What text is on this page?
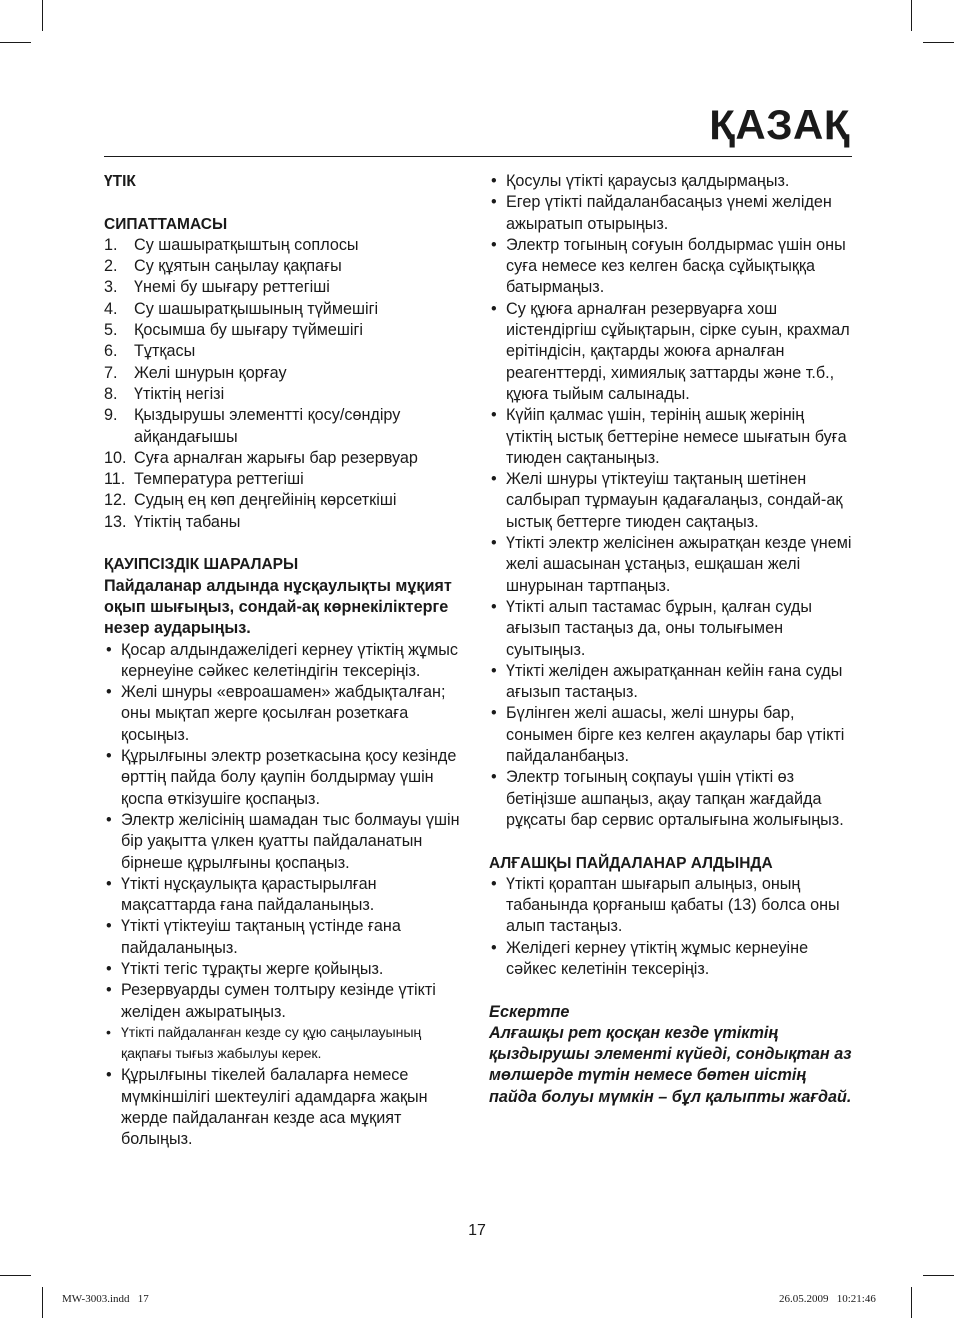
ҚАЗАҚ

ҮТІК

СИПАТТАМАСЫ

1. Су шашыратқыштың соплосы
2. Су құятын саңылау қақпағы
3. Үнемі бу шығару реттегіші
4. Су шашыратқышының түймешігі
5. Қосымша бу шығару түймешігі
6. Тұтқасы
7. Желі шнурын қорғау
8. Үтіктің негізі
9. Қыздырушы элементті қосу/сөндіру айқандағышы
10. Суға арналған жарығы бар резервуар
11. Температура реттегіші
12. Судың ең көп деңгейінің көрсеткіші
13. Үтіктің табаны

ҚАУІПСІЗДІК ШАРАЛАРЫ

Пайдаланар алдында нұсқаулықты мұқият оқып шығыңыз, сондай-ақ көрнекіліктерге незер аударыңыз.

• Қосар алдындажелідегі кернеу үтіктің жұмыс кернеуіне сәйкес келетіндігін тексеріңіз.
• Желі шнуры «евроашамен» жабдықталған; оны мықтап жерге қосылған розеткаға қосыңыз.
• Құрылғыны электр розеткасына қосу кезінде өрттің пайда болу қаупін болдырмау үшін қоспа өткізушіге қоспаңыз.
• Электр желісінің шамадан тыс болмауы үшін бір уақытта үлкен қуатты пайдаланатын бірнеше құрылғыны қоспаңыз.
• Үтікті нұсқаулықта қарастырылған мақсаттарда ғана пайдаланыңыз.
• Үтікті үтіктеуіш тақтаның үстінде ғана пайдаланыңыз.
• Үтікті тегіс тұрақты жерге қойыңыз.
• Резервуарды сумен толтыру кезінде үтікті желіден ажыратыңыз.
• Үтікті пайдаланған кезде су құю саңылауының қақпағы тығыз жабылуы керек.
• Құрылғыны тікелей балаларға немесе мүмкіншілігі шектеулігі адамдарға жақын жерде пайдаланған кезде аса мұқият болыңыз.
• Қосулы үтікті қараусыз қалдырмаңыз.
• Егер үтікті пайдаланбасаңыз үнемі желіден ажыратып отырыңыз.
• Электр тогының соғуын болдырмас үшін оны суға немесе кез келген басқа сұйықтыққа батырмаңыз.
• Су құюға арналған резервуарға хош иістендіргіш сұйықтарын, сірке суын, крахмал ерітіндісін, қақтарды жоюға арналған реагенттерді, химиялық заттарды және т.б., құюға тыйым салынады.
• Күйіп қалмас үшін, терінің ашық жерінің үтіктің ыстық беттеріне немесе шығатын буға тиюден сақтаныңыз.
• Желі шнуры үтіктеуіш тақтаның шетінен салбырап тұрмауын қадағалаңыз, сондай-ақ ыстық беттерге тиюден сақтаңыз.
• Үтікті электр желісінен ажыратқан кезде үнемі желі ашасынан ұстаңыз, ешқашан желі шнурынан тартпаңыз.
• Үтікті алып тастамас бұрын, қалған суды ағызып тастаңыз да, оны толығымен суытыңыз.
• Үтікті желіден ажыратқаннан кейін ғана суды ағызып тастаңыз.
• Бүлінген желі ашасы, желі шнуры бар, сонымен бірге кез келген ақаулары бар үтікті пайдаланбаңыз.
• Электр тогының соқпауы үшін үтікті өз бетіңізше ашпаңыз, ақау тапқан жағдайда рұқсаты бар сервис орталығына жолығыңыз.

АЛҒАШҚЫ ПАЙДАЛАНАР АЛДЫНДА

• Үтікті қораптан шығарып алыңыз, оның табанында қорғаныш қабаты (13) болса оны алып тастаңыз.
• Желідегі кернеу үтіктің жұмыс кернеуіне сәйкес келетінін тексеріңіз.

Ескертпе

Алғашқы рет қосқан кезде үтіктің қыздырушы элементі күйеді, сондықтан аз мөлшерде түтін немесе бөтен иістің пайда болуы мүмкін – бұл қалыпты жағдай.

17
MW-3003.indd   17	26.05.2009   10:21:46
